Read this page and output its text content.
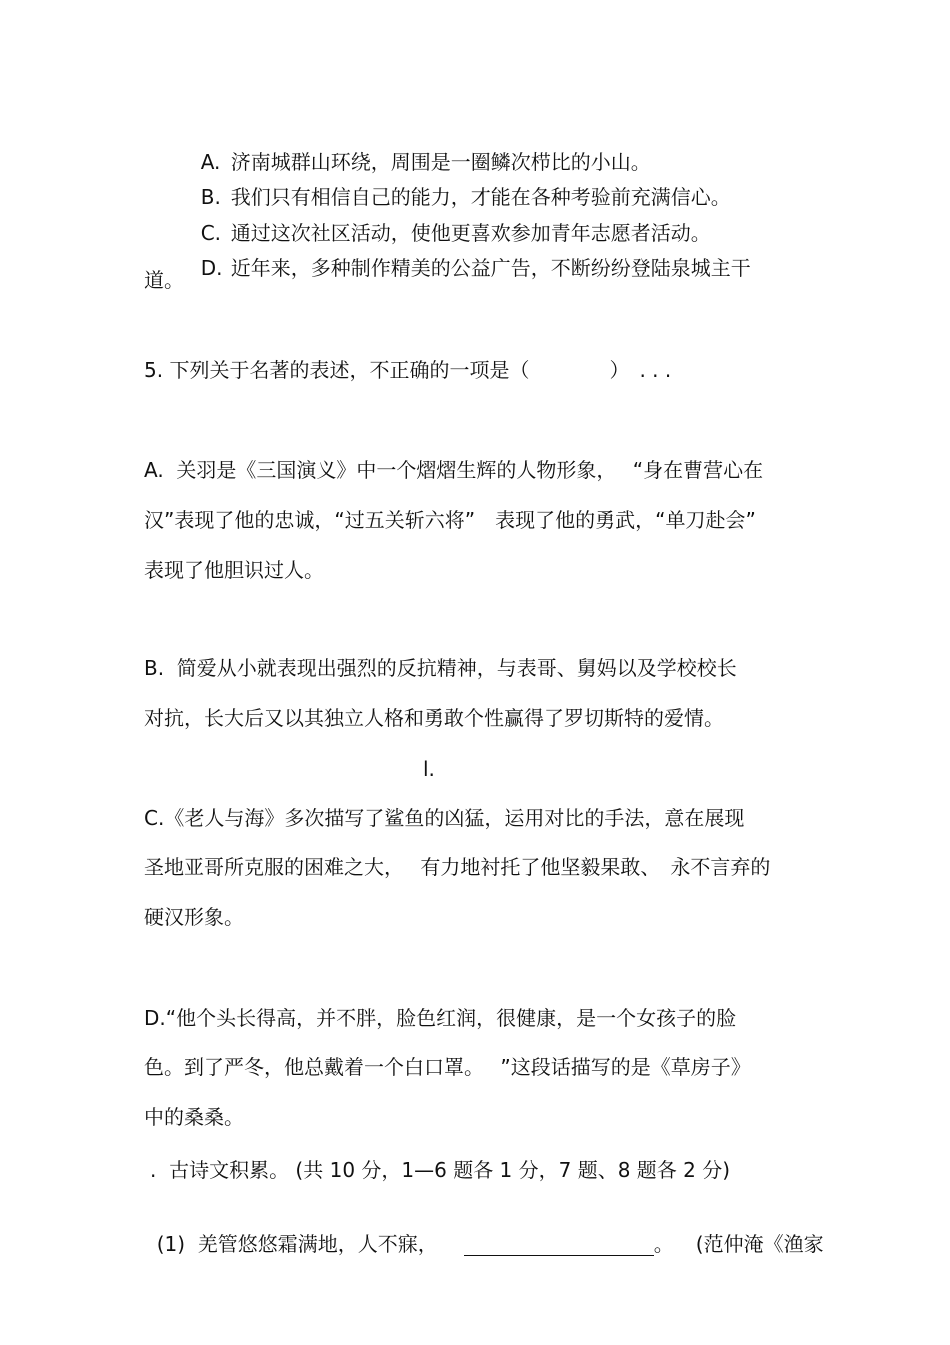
A. 济南城群山环绕，周围是一圈鳞次栉比的小山。

B. 我们只有相信自己的能力，才能在各种考验前充满信心。

C. 通过这次社区活动，使他更喜欢参加青年志愿者活动。

D. 近年来，多种制作精美的公益广告，不断纷纷登陆泉城主干

道。
5. 下列关于名著的表述，不正确的一项是（　　　　）　. . .
A.  关羽是《三国演义》中一个熠熠生辉的人物形象，　 “身在曹营心在
汉”表现了他的忠诚，“过五关斩六将”　表现了他的勇武，“单刀赴会”
表现了他胆识过人。
B.  简爱从小就表现出强烈的反抗精神，与表哥、舅妈以及学校校长
对抗，长大后又以其独立人格和勇敢个性赢得了罗切斯特的爱情。
l.
C.《老人与海》多次描写了鲨鱼的凶猛，运用对比的手法，意在展现
圣地亚哥所克服的困难之大，　 有力地衬托了他坚毅果敢、　永不言弃的
硬汉形象。
D.“他个头长得高，并不胖，脸色红润，很健康，是一个女孩子的脸
色。到了严冬，他总戴着一个白口罩。　 ”这段话描写的是《草房子》
中的桑桑。
.  古诗文积累。 (共 10 分，1—6 题各 1 分，7 题、8 题各 2 分)

(1)  羌管悠悠霜满地，人不寐，	。 (范仲淹《渔家
